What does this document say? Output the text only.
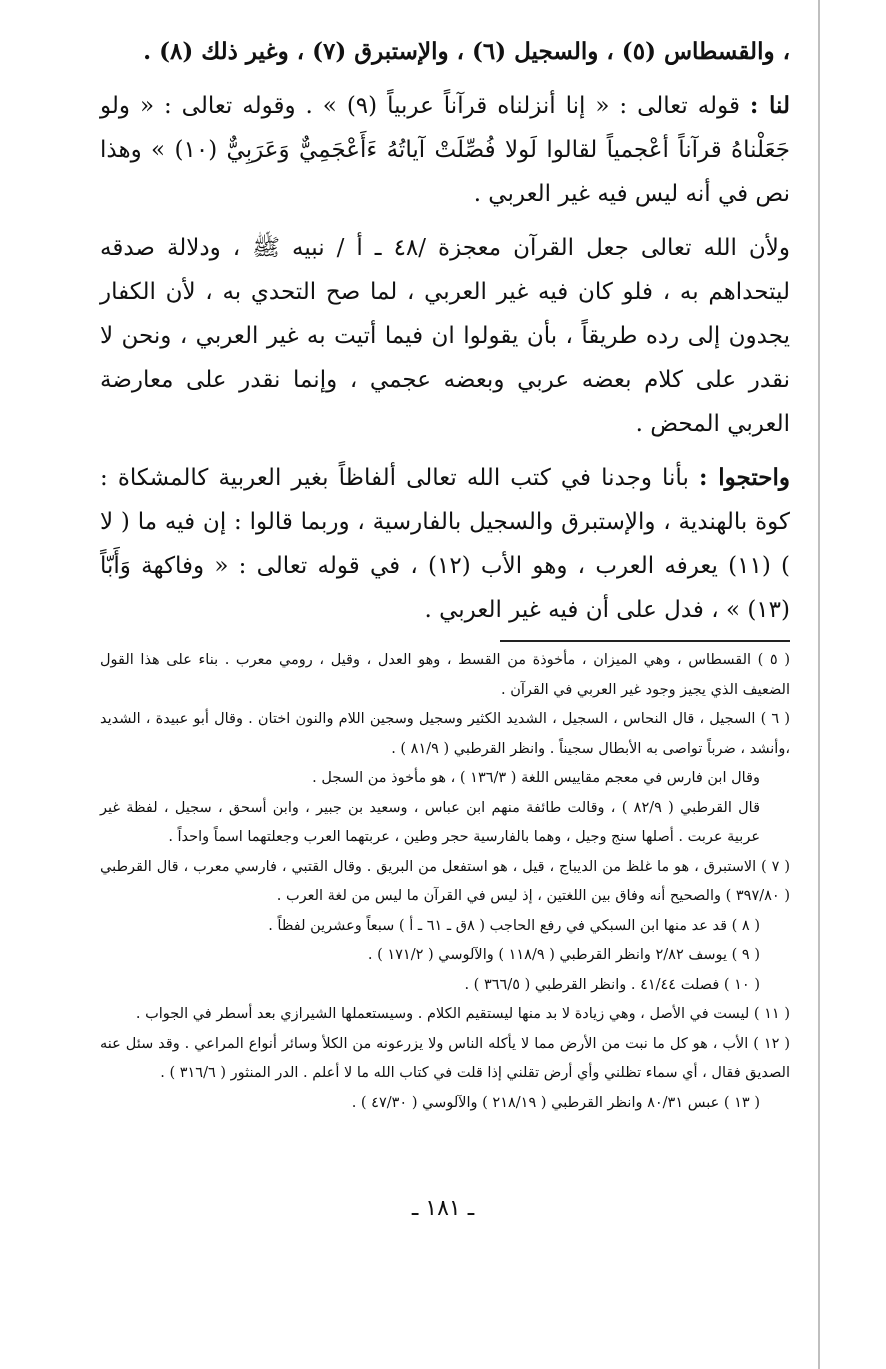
، والقسطاس (٥) ، والسجيل (٦) ، والإستبرق (٧) ، وغير ذلك (٨) .

لنا : قوله تعالى : « إنا أنزلناه قرآناً عربياً (٩) » . وقوله تعالى : « ولو جَعَلْناهُ قرآناً أعْجمياً لقالوا لَولا فُصِّلَتْ آياتُهُ ءَأَعْجَمِيٌّ وَعَرَبِيٌّ (١٠) » وهذا نص في أنه ليس فيه غير العربي .

ولأن الله تعالى جعل القرآن معجزة /٤٨ ـ أ / نبيه ﷺ ، ودلالة صدقه ليتحداهم به ، فلو كان فيه غير العربي ، لما صح التحدي به ، لأن الكفار يجدون إلى رده طريقاً ، بأن يقولوا ان فيما أتيت به غير العربي ، ونحن لا نقدر على كلام بعضه عربي وبعضه عجمي ، وإنما نقدر على معارضة العربي المحض .

واحتجوا : بأنا وجدنا في كتب الله تعالى ألفاظاً بغير العربية كالمشكاة : كوة بالهندية ، والإستبرق والسجيل بالفارسية ، وربما قالوا : إن فيه ما ( لا ) (١١) يعرفه العرب ، وهو الأب (١٢) ، في قوله تعالى : « وفاكهة وَأَبّاً (١٣) » ، فدل على أن فيه غير العربي .

( ٥ ) القسطاس ، وهي الميزان ، مأخوذة من القسط ، وهو العدل ، وقيل ، رومي معرب . بناء على هذا القول الضعيف الذي يجيز وجود غير العربي في القرآن .

( ٦ ) السجيل ، قال النحاس ، السجيل ، الشديد الكثير وسجيل وسجين اللام والنون اختان . وقال أبو عبيدة ، الشديد ،وأنشد ، ضرباً تواصى به الأبطال سجيناً . وانظر القرطبي ( ٨١/٩ ) .

وقال ابن فارس في معجم مقاييس اللغة ( ١٣٦/٣ ) ، هو مأخوذ من السجل .

قال القرطبي ( ٨٢/٩ ) ، وقالت طائفة منهم ابن عباس ، وسعيد بن جبير ، وابن أسحق ، سجيل ، لفظة غير عربية عربت . أصلها سنج وجيل ، وهما بالفارسية حجر وطين ، عربتهما العرب وجعلتهما اسماً واحداً .

( ٧ ) الاستبرق ، هو ما غلظ من الديباج ، قيل ، هو استفعل من البريق . وقال القتبي ، فارسي معرب ، قال القرطبي ( ٣٩٧/٨٠ ) والصحيح أنه وفاق بين اللغتين ، إذ ليس في القرآن ما ليس من لغة العرب .

( ٨ ) قد عد منها ابن السبكي في رفع الحاجب ( ٨ق ـ ٦١ ـ أ ) سبعاً وعشرين لفظاً .

( ٩ ) يوسف ٢/٨٢ وانظر القرطبي ( ١١٨/٩ ) والآلوسي ( ١٧١/٢ ) .

( ١٠ ) فصلت ٤١/٤٤ . وانظر القرطبي ( ٣٦٦/٥ ) .

( ١١ ) ليست في الأصل ، وهي زيادة لا بد منها ليستقيم الكلام . وسيستعملها الشيرازي بعد أسطر في الجواب .

( ١٢ ) الأب ، هو كل ما نبت من الأرض مما لا يأكله الناس ولا يزرعونه من الكلأ وسائر أنواع المراعي . وقد سئل عنه الصديق فقال ، أي سماء تظلني وأي أرض تقلني إذا قلت في كتاب الله ما لا أعلم . الدر المنثور ( ٣١٦/٦ ) .

( ١٣ ) عبس ٨٠/٣١ وانظر القرطبي ( ٢١٨/١٩ ) والآلوسي ( ٤٧/٣٠ ) .

ـ ١٨١ ـ
